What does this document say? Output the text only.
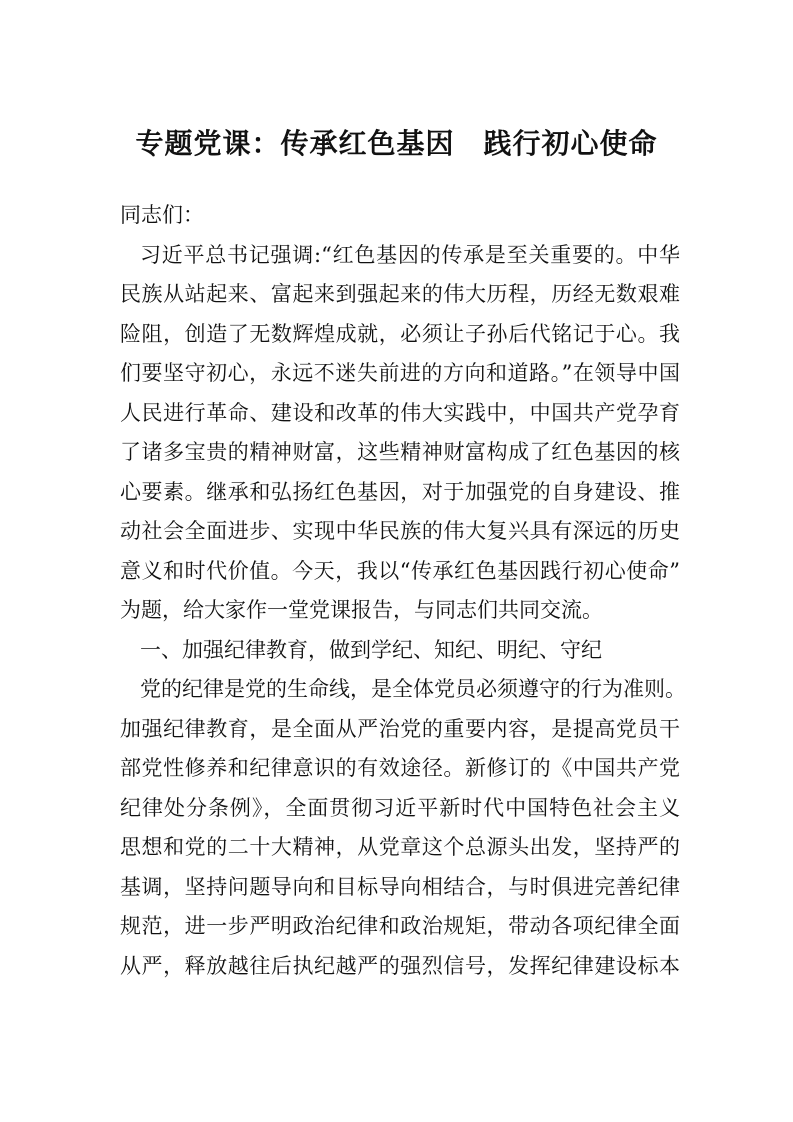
专题党课：传承红色基因　践行初心使命
同志们：
习近平总书记强调:“红色基因的传承是至关重要的。中华
民族从站起来、富起来到强起来的伟大历程，历经无数艰难
险阻，创造了无数辉煌成就，必须让子孙后代铭记于心。我
们要坚守初心，永远不迷失前进的方向和道路。”在领导中国
人民进行革命、建设和改革的伟大实践中，中国共产党孕育
了诸多宝贵的精神财富，这些精神财富构成了红色基因的核
心要素。继承和弘扬红色基因，对于加强党的自身建设、推
动社会全面进步、实现中华民族的伟大复兴具有深远的历史
意义和时代价值。今天，我以“传承红色基因践行初心使命”
为题，给大家作一堂党课报告，与同志们共同交流。
一、加强纪律教育，做到学纪、知纪、明纪、守纪
党的纪律是党的生命线，是全体党员必须遵守的行为准则。
加强纪律教育，是全面从严治党的重要内容，是提高党员干
部党性修养和纪律意识的有效途径。新修订的《中国共产党
纪律处分条例》，全面贯彻习近平新时代中国特色社会主义
思想和党的二十大精神，从党章这个总源头出发，坚持严的
基调，坚持问题导向和目标导向相结合，与时俱进完善纪律
规范，进一步严明政治纪律和政治规矩，带动各项纪律全面
从严，释放越往后执纪越严的强烈信号，发挥纪律建设标本
